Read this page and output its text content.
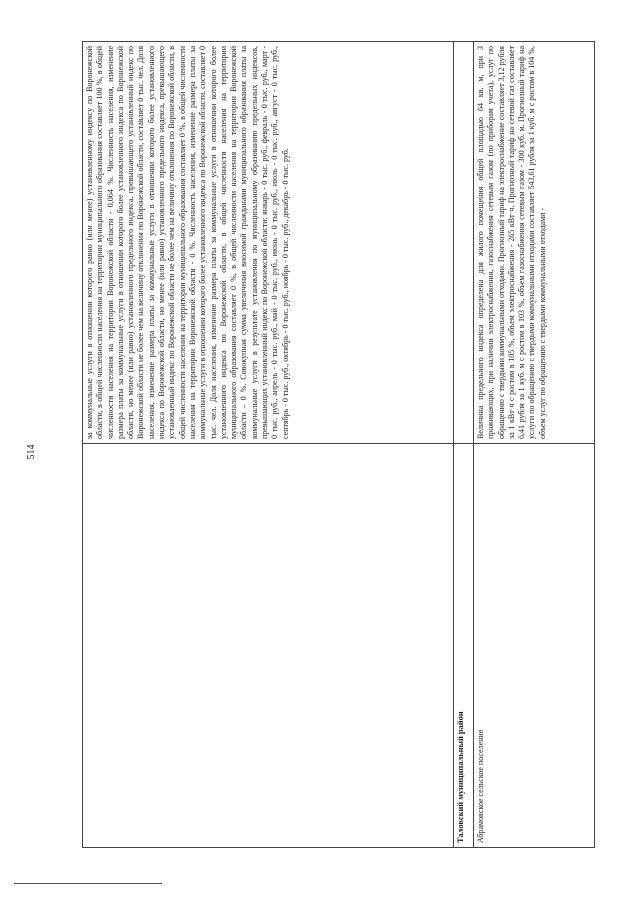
514

	за коммунальные услуги в отношении которого равно (или менее) установленному индексу по Воронежской области, в общей численности населения на территории муниципального образования составляет 100 %, в общей численности населения на территории Воронежской области - 0,064 %. Численность населения, изменение размера платы за коммунальные услуги в отношении которого более установленного индекса по Воронежской области, но менее (или равно) установленного предельного индекса, превышающего установленный индекс по Воронежской области не более чем на величину отклонения по Воронежской области, составляет 0 тыс. чел. Доля населения, изменение размера платы за коммунальные услуги в отношении которого более установленного индекса по Воронежской области, но менее (или равно) установленного предельного индекса, превышающего установленный индекс по Воронежской области не более чем на величину отклонения по Воронежской области, в общей численности населения на территории муниципального образования составляет 0 %, в общей численности населения на территории Воронежской области - 0 %. Численность населения, изменение размера платы за коммунальные услуги в отношении которого более установленного индекса по Воронежской области, составляет 0 тыс. чел. Доля населения, изменение размера платы за коммунальные услуги в отношении которого более установленного индекса по Воронежской области, в общей численности населения на территории муниципального образования составляет 0 %, в общей численности населения на территории Воронежской области – 0 %. Совокупная сумма увеличения вносимой гражданами муниципального образования платы за коммунальные услуги в результате установления по муниципальному образованию предельных индексов, превышающих установленный индекс по Воронежской области: январь - 0 тыс. руб., февраль - 0 тыс. руб., март - 0 тыс. руб., апрель - 0 тыс. руб., май - 0 тыс. руб., июнь - 0 тыс. руб., июль - 0 тыс. руб., август - 0 тыс. руб., сентябрь - 0 тыс. руб., октябрь - 0 тыс. руб., ноябрь - 0 тыс. руб., декабрь - 0 тыс. руб.

Таловский муниципальный район	
Абрамовское сельское поселение	Величина предельного индекса определена для жилого помещения общей площадью 64 кв. м, при 3 проживающих, при наличии электроснабжения, газоснабжения сетевым газом (по приборам учета), услуг по обращению с твердыми коммунальными отходами. Прогнозный тариф на электроснабжение составляет 3,12 рубля за 1 кВт·ч с ростом в 105 %, объем электроснабжения - 265 кВт·ч. Прогнозный тариф на сетевой газ составляет 6,41 рубля за 1 куб. м с ростом в 103 %, объем газоснабжения сетевым газом - 300 куб. м. Прогнозный тариф на услуги по обращению с твердыми коммунальными отходами составляет 543,61 рубля за 1 куб. м с ростом в 104 %, объем услуг по обращению с твердыми коммунальными отходами -
